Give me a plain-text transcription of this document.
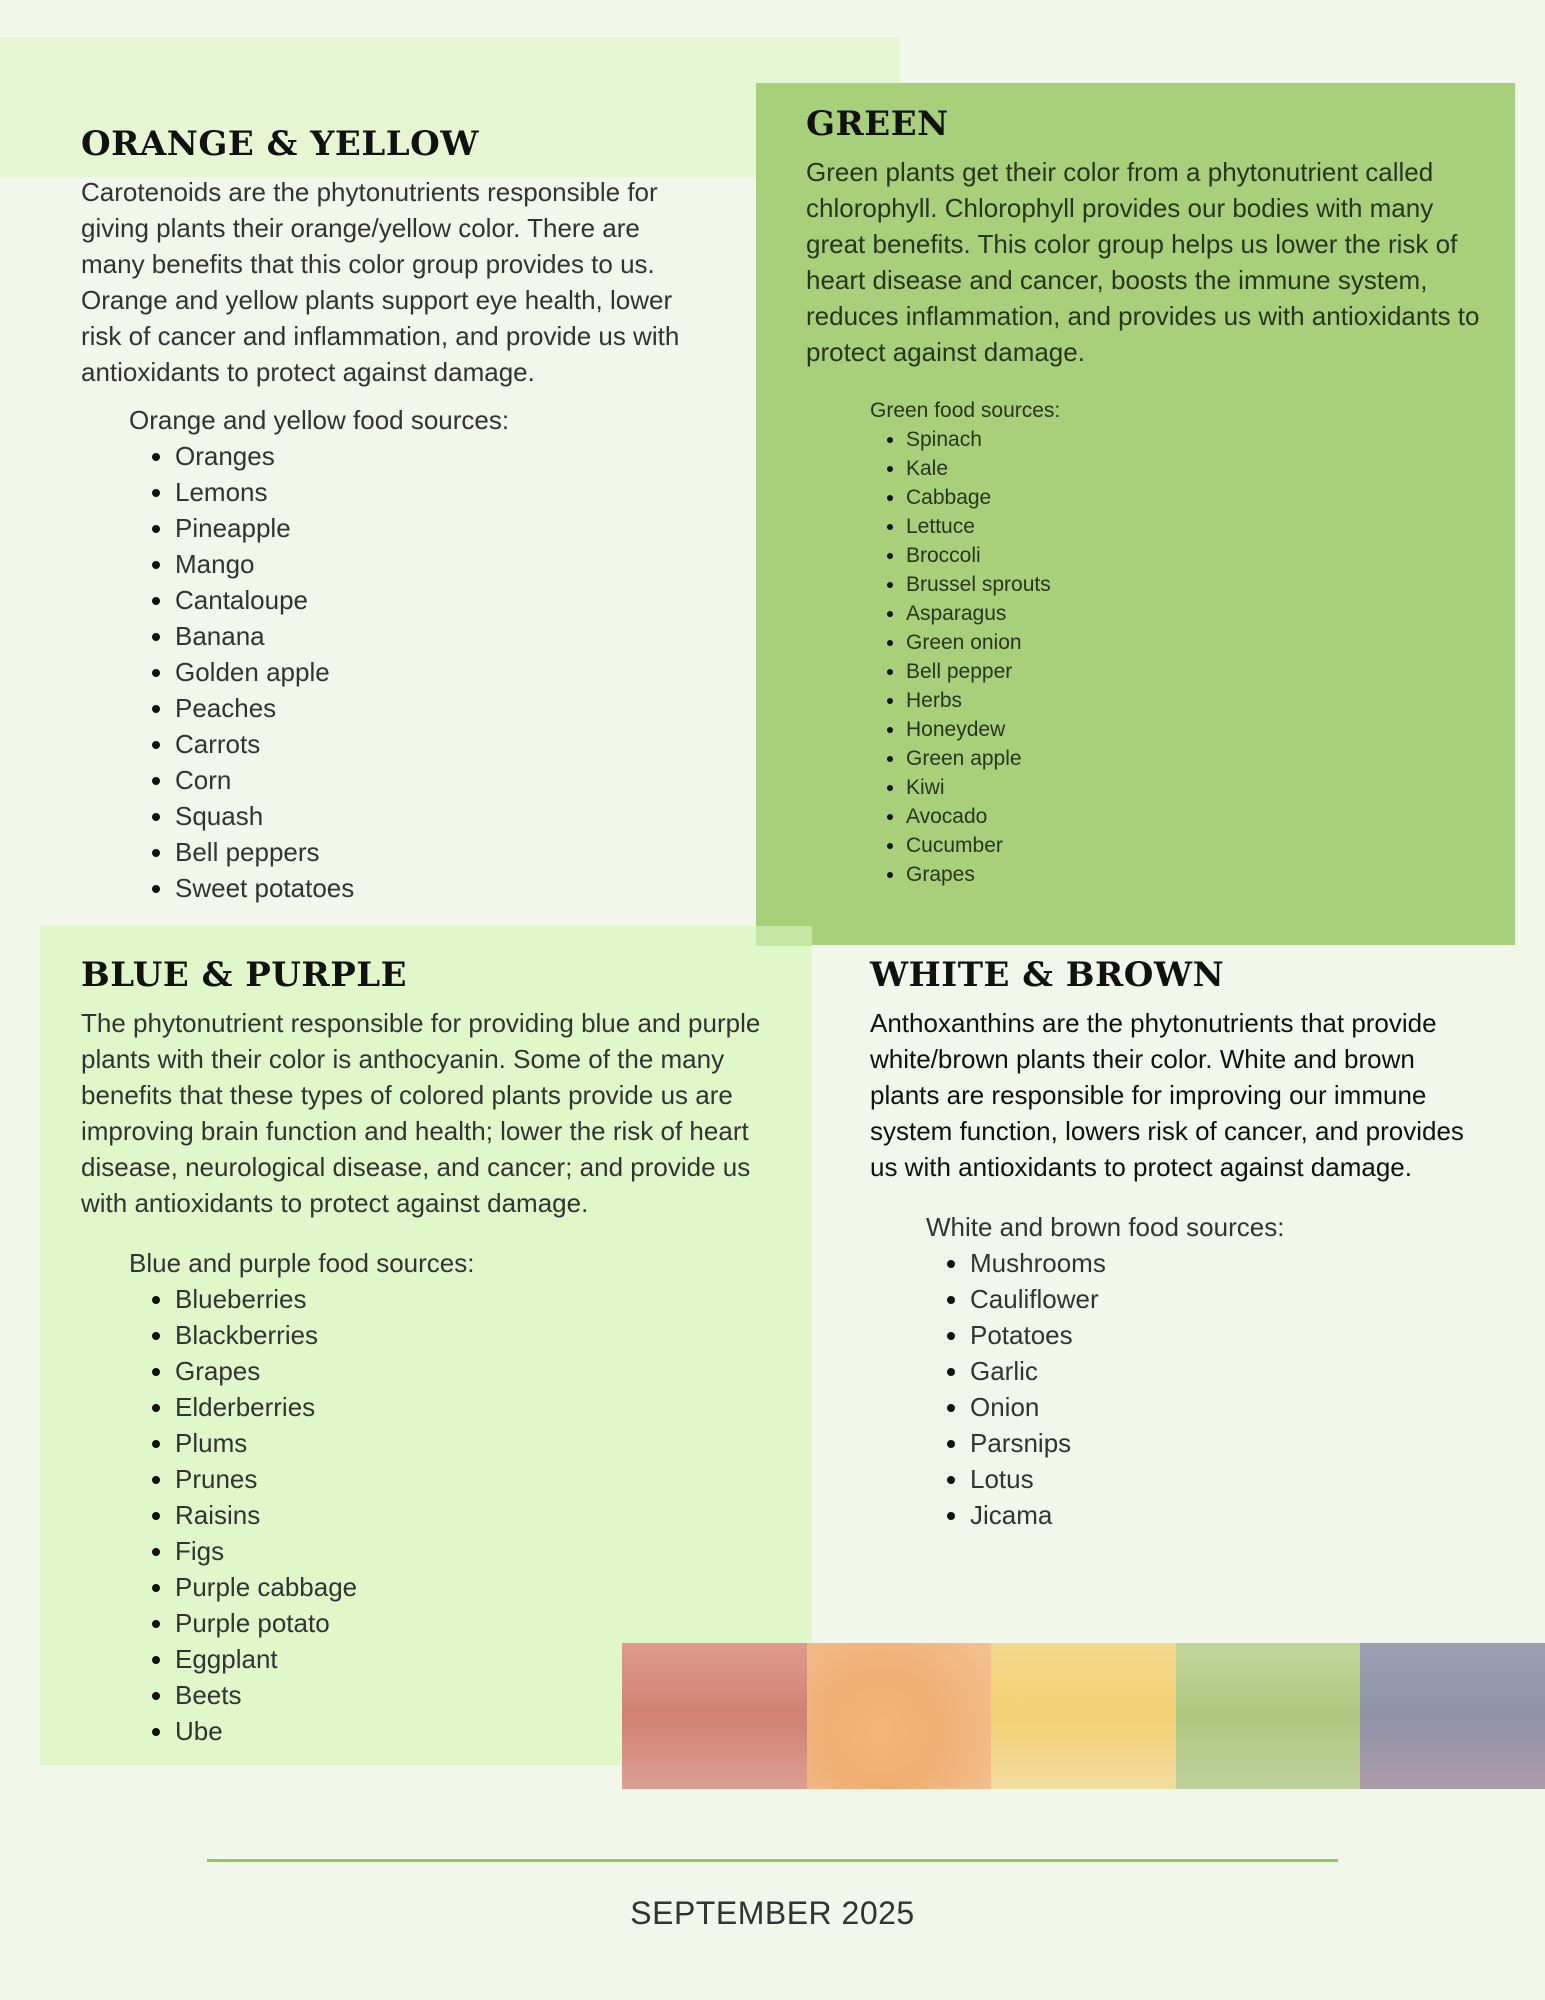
ORANGE & YELLOW

Carotenoids are the phytonutrients responsible for giving plants their orange/yellow color. There are many benefits that this color group provides to us. Orange and yellow plants support eye health, lower risk of cancer and inflammation, and provide us with antioxidants to protect against damage.

Orange and yellow food sources:
• Oranges
• Lemons
• Pineapple
• Mango
• Cantaloupe
• Banana
• Golden apple
• Peaches
• Carrots
• Corn
• Squash
• Bell peppers
• Sweet potatoes
GREEN

Green plants get their color from a phytonutrient called chlorophyll. Chlorophyll provides our bodies with many great benefits. This color group helps us lower the risk of heart disease and cancer, boosts the immune system, reduces inflammation, and provides us with antioxidants to protect against damage.

Green food sources:
• Spinach
• Kale
• Cabbage
• Lettuce
• Broccoli
• Brussel sprouts
• Asparagus
• Green onion
• Bell pepper
• Herbs
• Honeydew
• Green apple
• Kiwi
• Avocado
• Cucumber
• Grapes
BLUE & PURPLE

The phytonutrient responsible for providing blue and purple plants with their color is anthocyanin. Some of the many benefits that these types of colored plants provide us are improving brain function and health; lower the risk of heart disease, neurological disease, and cancer; and provide us with antioxidants to protect against damage.

Blue and purple food sources:
• Blueberries
• Blackberries
• Grapes
• Elderberries
• Plums
• Prunes
• Raisins
• Figs
• Purple cabbage
• Purple potato
• Eggplant
• Beets
• Ube
WHITE & BROWN

Anthoxanthins are the phytonutrients that provide white/brown plants their color. White and brown plants are responsible for improving our immune system function, lowers risk of cancer, and provides us with antioxidants to protect against damage.

White and brown food sources:
• Mushrooms
• Cauliflower
• Potatoes
• Garlic
• Onion
• Parsnips
• Lotus
• Jicama
SEPTEMBER 2025
